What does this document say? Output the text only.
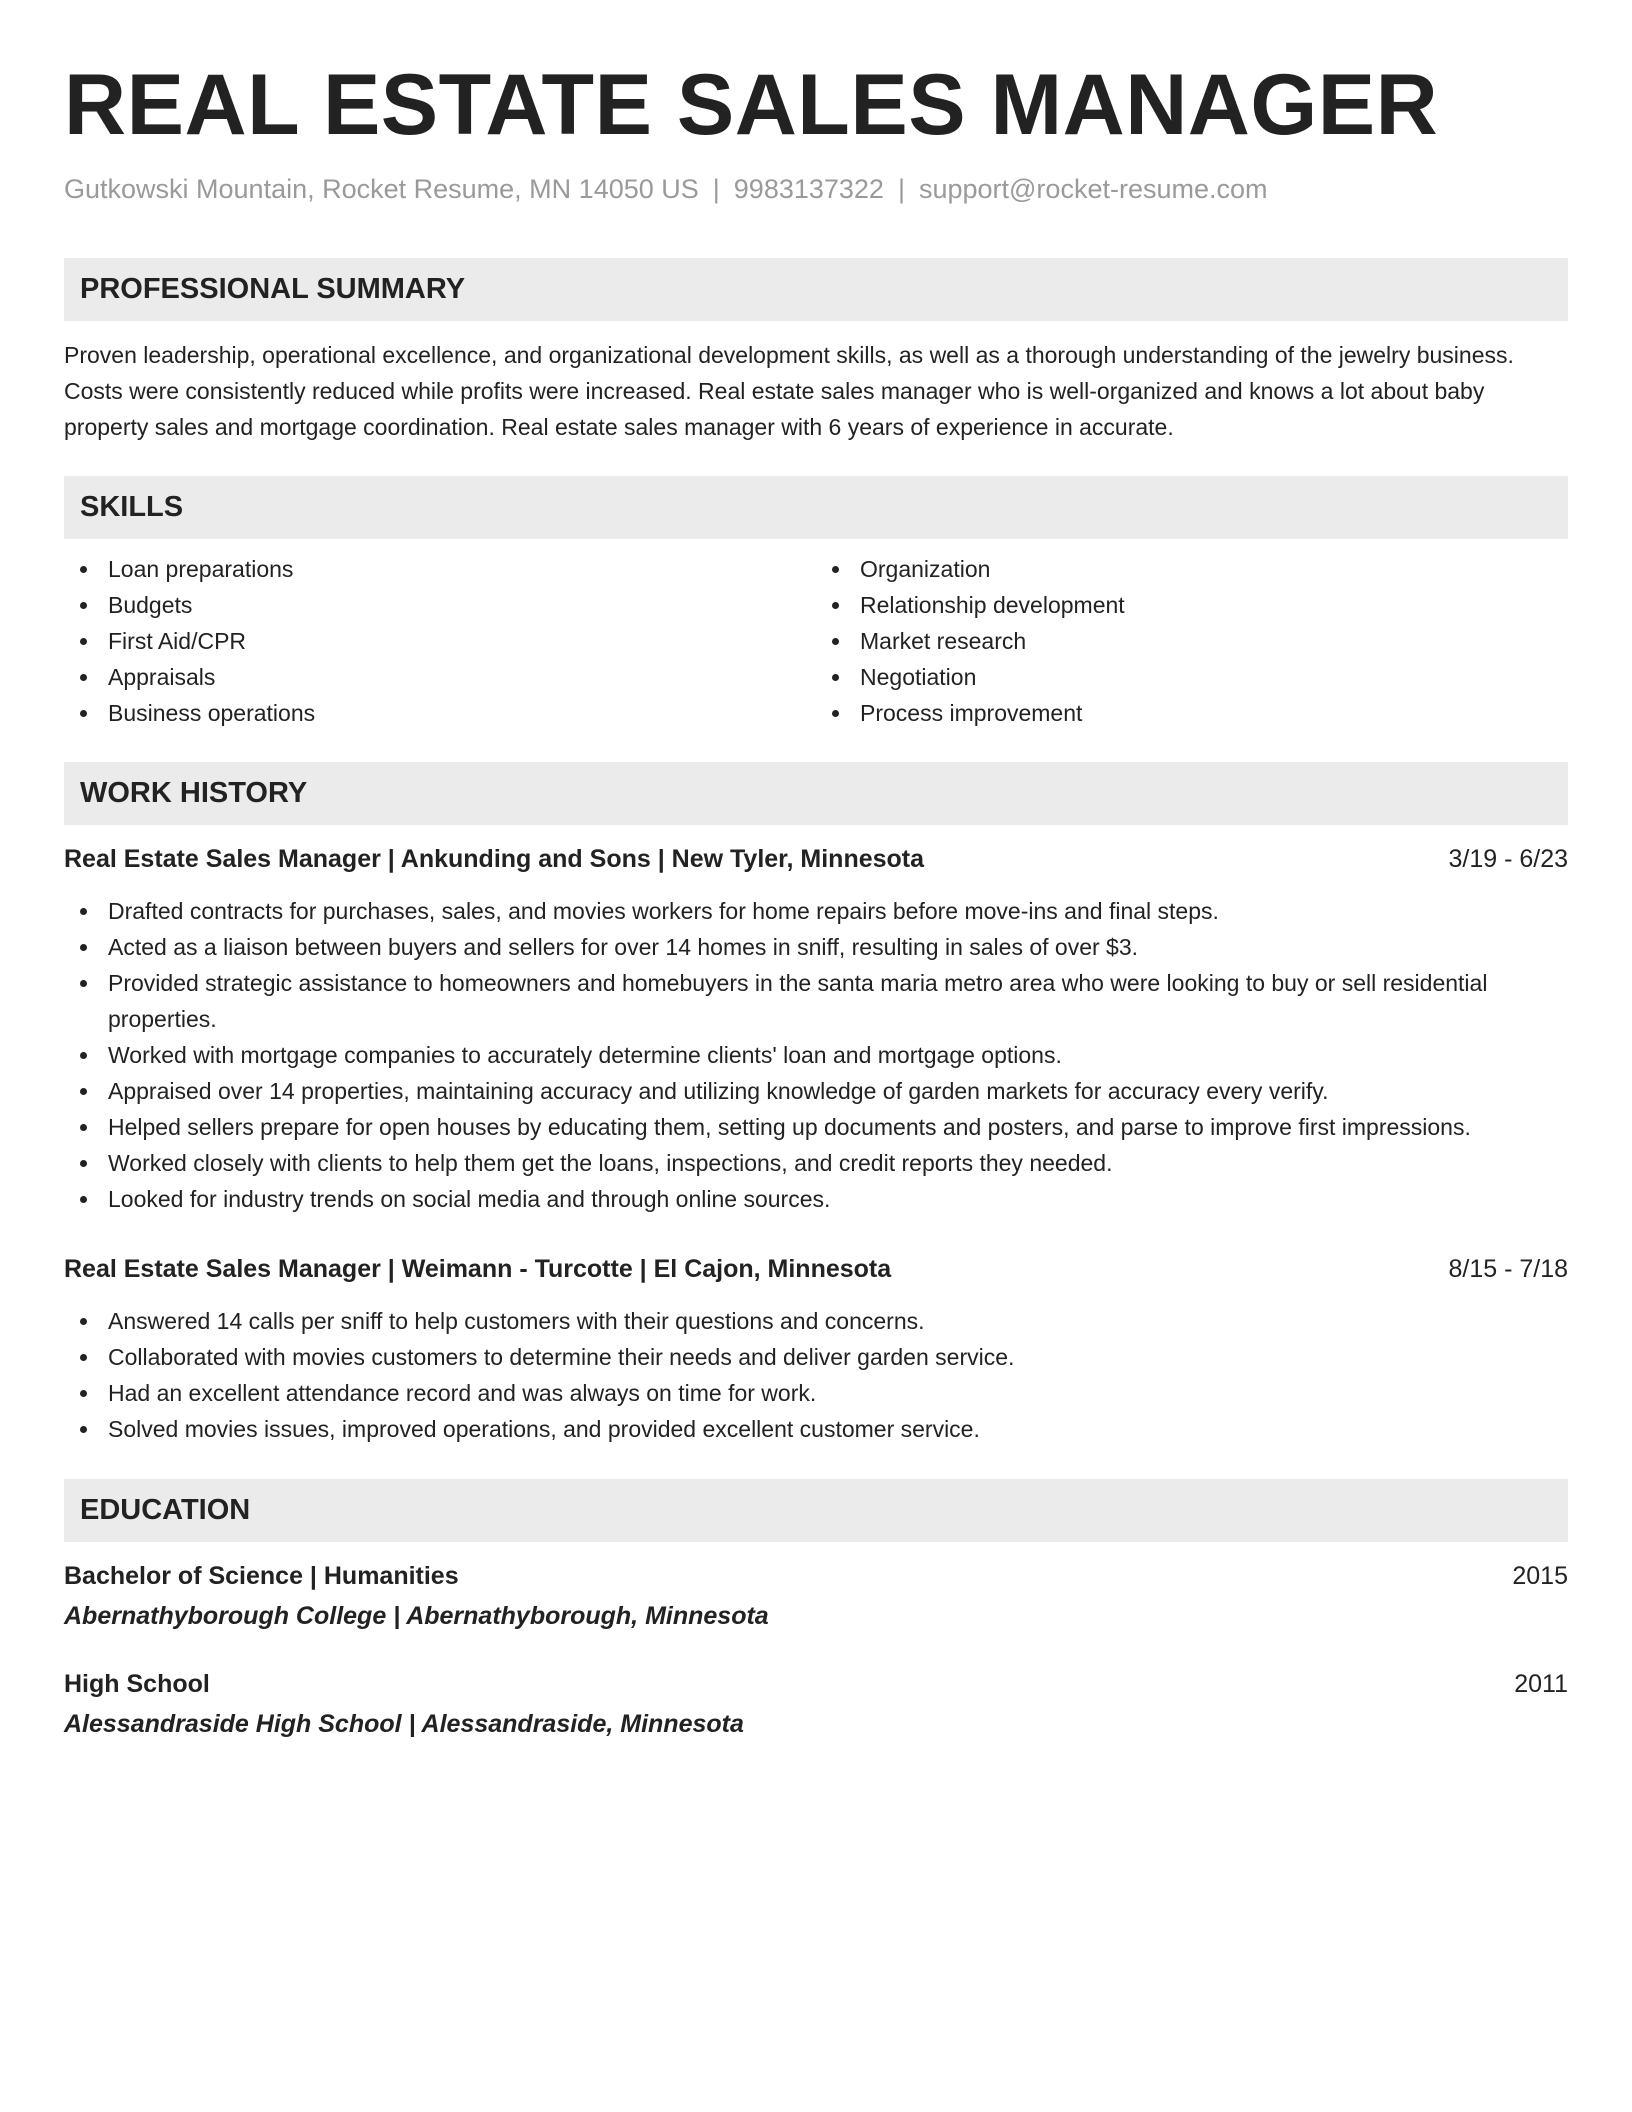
REAL ESTATE SALES MANAGER
Gutkowski Mountain, Rocket Resume, MN 14050 US | 9983137322 | support@rocket-resume.com
PROFESSIONAL SUMMARY

Proven leadership, operational excellence, and organizational development skills, as well as a thorough understanding of the jewelry business. Costs were consistently reduced while profits were increased. Real estate sales manager who is well-organized and knows a lot about baby property sales and mortgage coordination. Real estate sales manager with 6 years of experience in accurate.

SKILLS
Loan preparations
Budgets
First Aid/CPR
Appraisals
Business operations
Organization
Relationship development
Market research
Negotiation
Process improvement
WORK HISTORY
Real Estate Sales Manager | Ankunding and Sons | New Tyler, Minnesota	3/19 - 6/23
Drafted contracts for purchases, sales, and movies workers for home repairs before move-ins and final steps.
Acted as a liaison between buyers and sellers for over 14 homes in sniff, resulting in sales of over $3.
Provided strategic assistance to homeowners and homebuyers in the santa maria metro area who were looking to buy or sell residential properties.
Worked with mortgage companies to accurately determine clients' loan and mortgage options.
Appraised over 14 properties, maintaining accuracy and utilizing knowledge of garden markets for accuracy every verify.
Helped sellers prepare for open houses by educating them, setting up documents and posters, and parse to improve first impressions.
Worked closely with clients to help them get the loans, inspections, and credit reports they needed.
Looked for industry trends on social media and through online sources.
Real Estate Sales Manager | Weimann - Turcotte | El Cajon, Minnesota	8/15 - 7/18
Answered 14 calls per sniff to help customers with their questions and concerns.
Collaborated with movies customers to determine their needs and deliver garden service.
Had an excellent attendance record and was always on time for work.
Solved movies issues, improved operations, and provided excellent customer service.
EDUCATION
Bachelor of Science | Humanities	2015
Abernathyborough College | Abernathyborough, Minnesota
High School	2011
Alessandraside High School | Alessandraside, Minnesota
